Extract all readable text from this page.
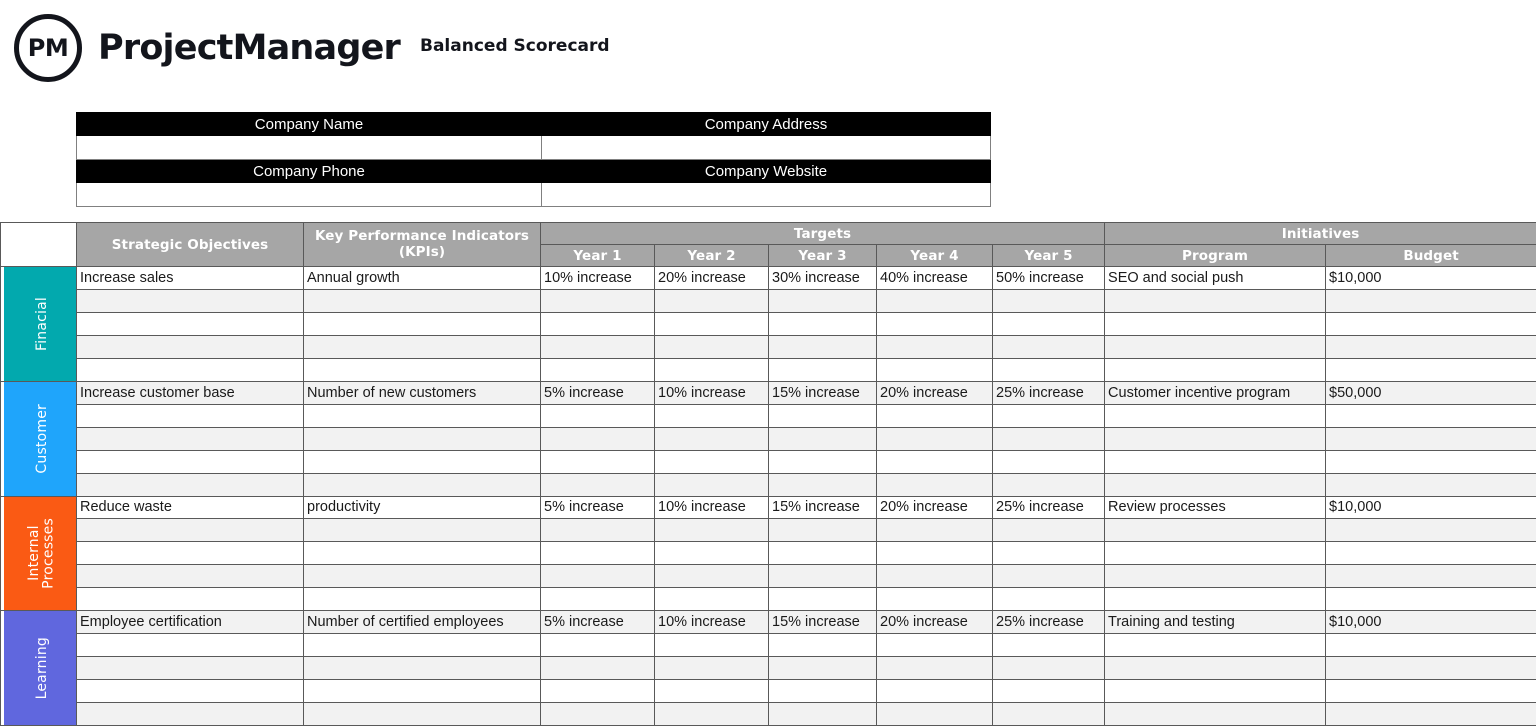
PM ProjectManager Balanced Scorecard
Company Name	Company Address

Company Phone	Company Website

	Strategic Objectives	Key Performance Indicators (KPIs)	Targets					Initiatives	
			Year 1	Year 2	Year 3	Year 4	Year 5	Program	Budget

Finacial	Increase sales	Annual growth	10% increase	20% increase	30% increase	40% increase	50% increase	SEO and social push	$10,000

Customer	Increase customer base	Number of new customers	5% increase	10% increase	15% increase	20% increase	25% increase	Customer incentive program	$50,000

Internal
Processes	Reduce waste	productivity	5% increase	10% increase	15% increase	20% increase	25% increase	Review processes	$10,000

Learning	Employee certification	Number of certified employees	5% increase	10% increase	15% increase	20% increase	25% increase	Training and testing	$10,000
